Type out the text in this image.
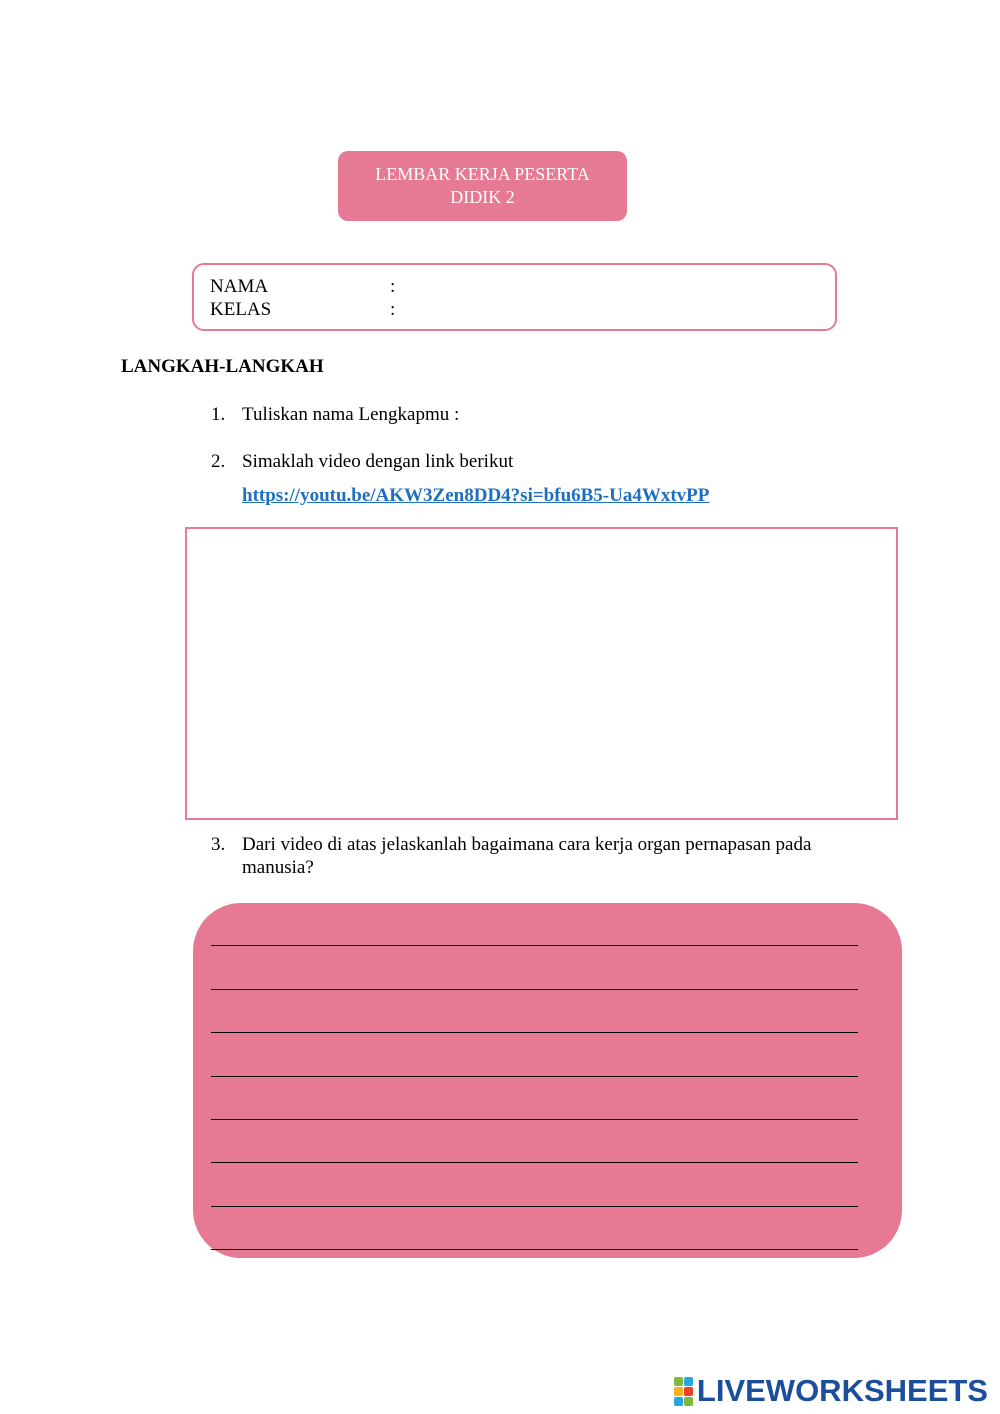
LEMBAR KERJA PESERTA
DIDIK 2
NAMA	:
KELAS	:
LANGKAH-LANGKAH
1. Tuliskan nama Lengkapmu :
2. Simaklah video dengan link berikut
https://youtu.be/AKW3Zen8DD4?si=bfu6B5-Ua4WxtvPP
3. Dari video di atas jelaskanlah bagaimana cara kerja organ pernapasan pada
manusia?
LIVEWORKSHEETS
